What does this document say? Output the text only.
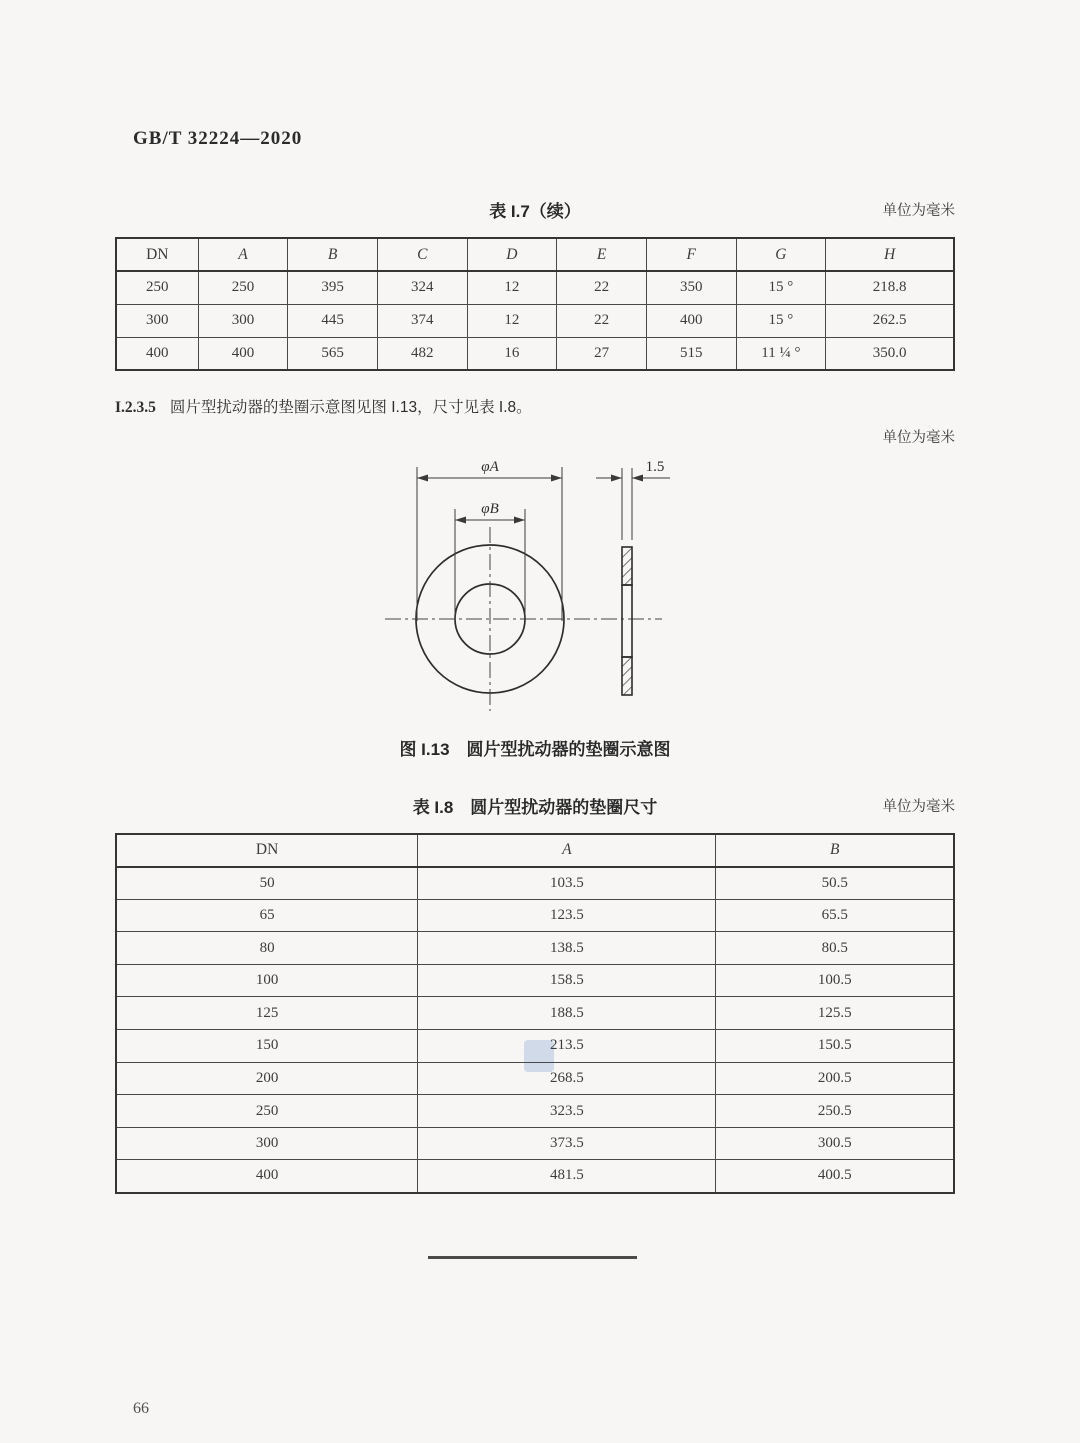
GB/T 32224—2020
表 I.7（续）	单位为毫米
DN	A	B	C	D	E	F	G	H
250	250	395	324	12	22	350	15 °	218.8
300	300	445	374	12	22	400	15 °	262.5
400	400	565	482	16	27	515	11 ¼ °	350.0
I.2.3.5 圆片型扰动器的垫圈示意图见图 I.13，尺寸见表 I.8。
单位为毫米
φA
φB
1.5
图 I.13　圆片型扰动器的垫圈示意图
表 I.8　圆片型扰动器的垫圈尺寸	单位为毫米
DN	A	B
50	103.5	50.5
65	123.5	65.5
80	138.5	80.5
100	158.5	100.5
125	188.5	125.5
150	213.5	150.5
200	268.5	200.5
250	323.5	250.5
300	373.5	300.5
400	481.5	400.5
66
